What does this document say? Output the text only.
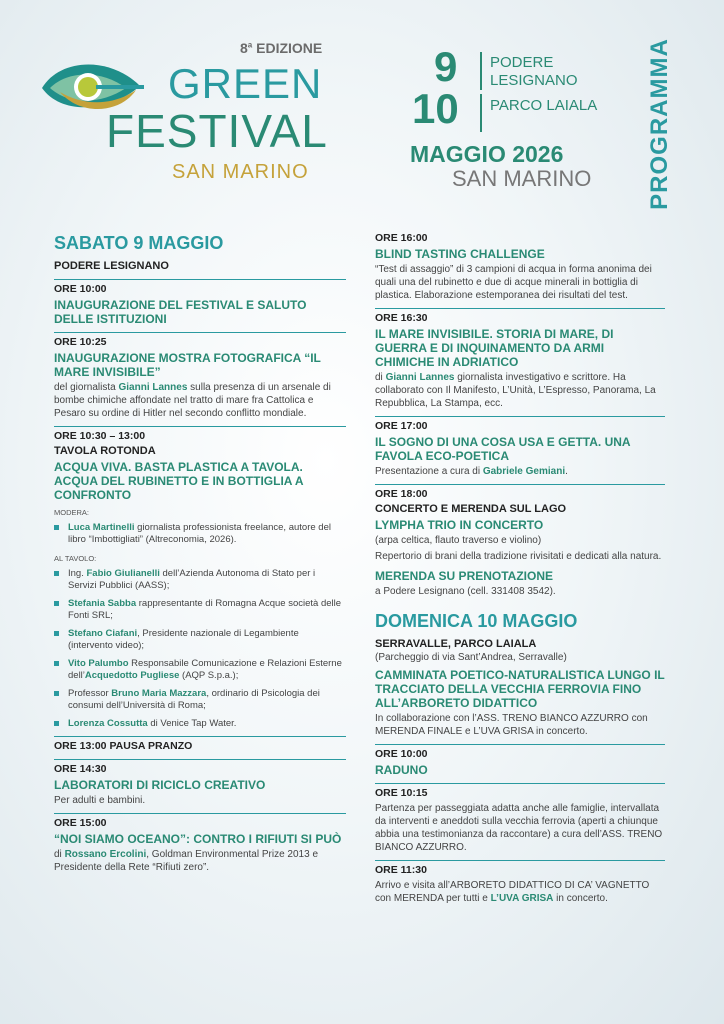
8$^a$ EDIZIONE
GREEN
FESTIVAL
SAN MARINO
9
10
PODERE LESIGNANO
PARCO LAIALA
MAGGIO 2026
SAN MARINO PROGRAMMA
SABATO 9 MAGGIO
PODERE LESIGNANO
ORE 10:00
INAUGURAZIONE DEL FESTIVAL E SALUTO DELLE ISTITUZIONI
ORE 10:25
INAUGURAZIONE MOSTRA FOTOGRAFICA “IL MARE INVISIBILE”
del giornalista Gianni Lannes sulla presenza di un arsenale di bombe chimiche affondate nel tratto di mare fra Cattolica e Pesaro su ordine di Hitler nel secondo conflitto mondiale.
ORE 10:30 – 13:00
TAVOLA ROTONDA
ACQUA VIVA. BASTA PLASTICA A TAVOLA. ACQUA DEL RUBINETTO E IN BOTTIGLIA A CONFRONTO
MODERA:
Luca Martinelli giornalista professionista freelance, autore del libro “Imbottigliati” (Altreconomia, 2026).
AL TAVOLO:
Ing. Fabio Giulianelli dell’Azienda Autonoma di Stato per i Servizi Pubblici (AASS);
Stefania Sabba rappresentante di Romagna Acque società delle Fonti SRL;
Stefano Ciafani, Presidente nazionale di Legambiente (intervento video);
Vito Palumbo Responsabile Comunicazione e Relazioni Esterne dell’Acquedotto Pugliese (AQP S.p.a.);
Professor Bruno Maria Mazzara, ordinario di Psicologia dei consumi dell’Università di Roma;
Lorenza Cossutta di Venice Tap Water.
ORE 13:00 PAUSA PRANZO
ORE 14:30
LABORATORI DI RICICLO CREATIVO
Per adulti e bambini.
ORE 15:00
“NOI SIAMO OCEANO”: CONTRO I RIFIUTI SI PUÒ
di Rossano Ercolini, Goldman Environmental Prize 2013 e Presidente della Rete “Rifiuti zero”.
ORE 16:00
BLIND TASTING CHALLENGE
“Test di assaggio” di 3 campioni di acqua in forma anonima dei quali una del rubinetto e due di acque minerali in bottiglia di plastica. Elaborazione estemporanea dei risultati del test.
ORE 16:30
IL MARE INVISIBILE. STORIA DI MARE, DI GUERRA E DI INQUINAMENTO DA ARMI CHIMICHE IN ADRIATICO
di Gianni Lannes giornalista investigativo e scrittore. Ha collaborato con Il Manifesto, L’Unità, L’Espresso, Panorama, La Repubblica, La Stampa, ecc.
ORE 17:00
IL SOGNO DI UNA COSA USA E GETTA. UNA FAVOLA ECO-POETICA
Presentazione a cura di Gabriele Gemiani.
ORE 18:00
CONCERTO E MERENDA SUL LAGO
LYMPHA TRIO IN CONCERTO
(arpa celtica, flauto traverso e violino)
Repertorio di brani della tradizione rivisitati e dedicati alla natura.
MERENDA SU PRENOTAZIONE
a Podere Lesignano (cell. 331408 3542).
DOMENICA 10 MAGGIO
SERRAVALLE, PARCO LAIALA
(Parcheggio di via Sant’Andrea, Serravalle)
CAMMINATA POETICO-NATURALISTICA LUNGO IL TRACCIATO DELLA VECCHIA FERROVIA FINO ALL’ARBORETO DIDATTICO
In collaborazione con l’ASS. TRENO BIANCO AZZURRO con MERENDA FINALE e L’UVA GRISA in concerto.
ORE 10:00
RADUNO
ORE 10:15
Partenza per passeggiata adatta anche alle famiglie, intervallata da interventi e aneddoti sulla vecchia ferrovia (aperti a chiunque abbia una testimonianza da raccontare) a cura dell’ASS. TRENO BIANCO AZZURRO.
ORE 11:30
Arrivo e visita all’ARBORETO DIDATTICO DI CA’ VAGNETTO con MERENDA per tutti e L’UVA GRISA in concerto.
